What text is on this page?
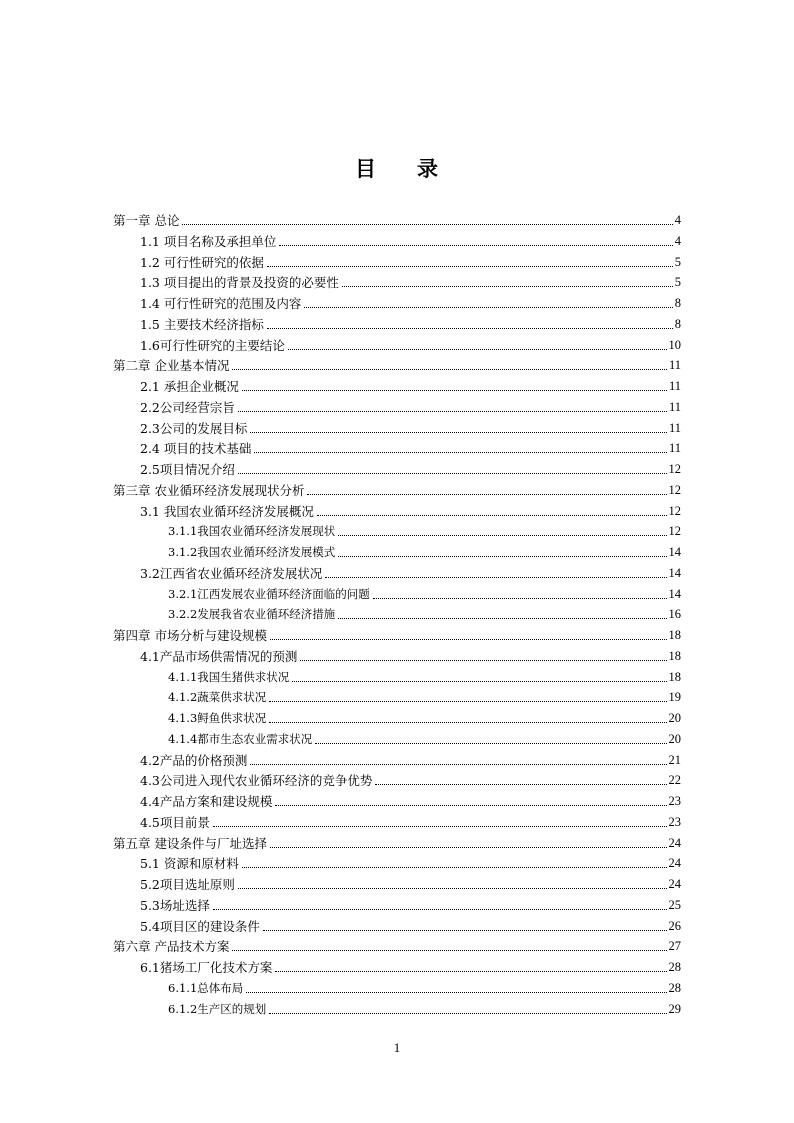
目 录
第一章 总论	4
1.1 项目名称及承担单位	4
1.2 可行性研究的依据	5
1.3 项目提出的背景及投资的必要性	5
1.4 可行性研究的范围及内容	8
1.5 主要技术经济指标	8
1.6可行性研究的主要结论	10
第二章 企业基本情况	11
2.1 承担企业概况	11
2.2公司经营宗旨	11
2.3公司的发展目标	11
2.4 项目的技术基础	11
2.5项目情况介绍	12
第三章 农业循环经济发展现状分析	12
3.1 我国农业循环经济发展概况	12
3.1.1我国农业循环经济发展现状	12
3.1.2我国农业循环经济发展模式	14
3.2江西省农业循环经济发展状况	14
3.2.1江西发展农业循环经济面临的问题	14
3.2.2发展我省农业循环经济措施	16
第四章 市场分析与建设规模	18
4.1产品市场供需情况的预测	18
4.1.1我国生猪供求状况	18
4.1.2蔬菜供求状况	19
4.1.3鲟鱼供求状况	20
4.1.4都市生态农业需求状况	20
4.2产品的价格预测	21
4.3公司进入现代农业循环经济的竞争优势	22
4.4产品方案和建设规模	23
4.5项目前景	23
第五章 建设条件与厂址选择	24
5.1 资源和原材料	24
5.2项目选址原则	24
5.3场址选择	25
5.4项目区的建设条件	26
第六章 产品技术方案	27
6.1猪场工厂化技术方案	28
6.1.1总体布局	28
6.1.2生产区的规划	29
1
